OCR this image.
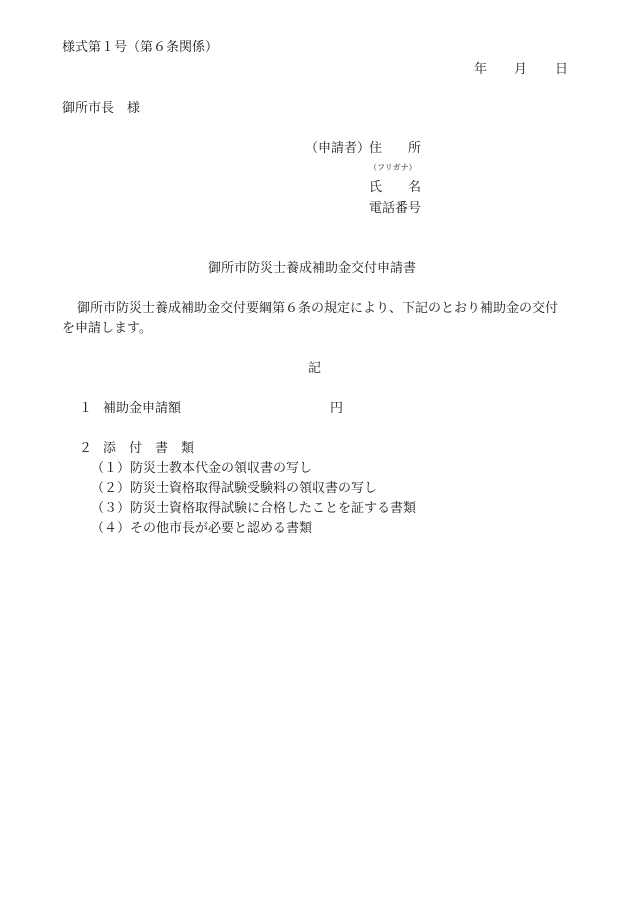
様式第１号（第６条関係）
年 月 日
御所市長　様
（申請者）
住 所
（フリガナ）
氏 名
電話番号
御所市防災士養成補助金交付申請書
御所市防災士養成補助金交付要綱第６条の規定により、下記のとおり補助金の交付
を申請します。
記
１ 補助金申請額	円
２ 添　付　書　類
（１）防災士教本代金の領収書の写し
（２）防災士資格取得試験受験料の領収書の写し
（３）防災士資格取得試験に合格したことを証する書類
（４）その他市長が必要と認める書類
